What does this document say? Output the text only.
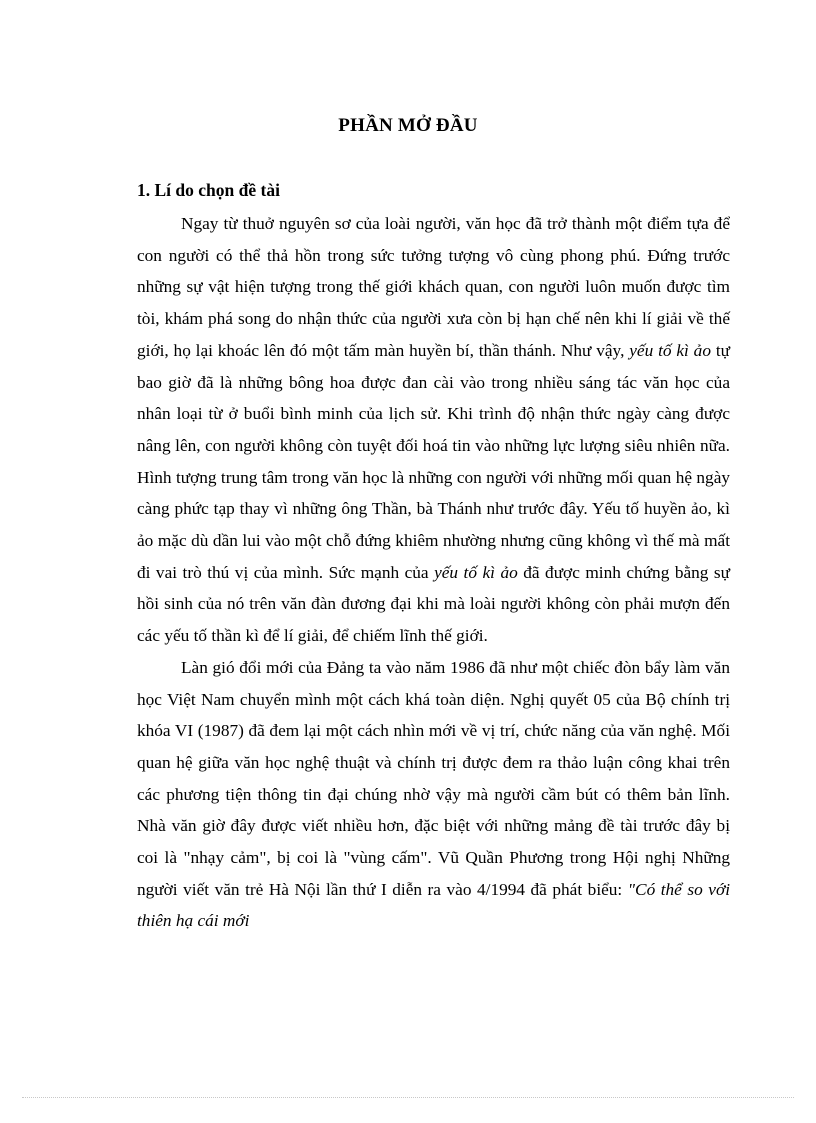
PHẦN MỞ ĐẦU
1. Lí do chọn đề tài

Ngay từ thuở nguyên sơ của loài người, văn học đã trở thành một điểm tựa để con người có thể thả hồn trong sức tưởng tượng vô cùng phong phú. Đứng trước những sự vật hiện tượng trong thế giới khách quan, con người luôn muốn được tìm tòi, khám phá song do nhận thức của người xưa còn bị hạn chế nên khi lí giải về thế giới, họ lại khoác lên đó một tấm màn huyền bí, thần thánh. Như vậy, yếu tố kì ảo tự bao giờ đã là những bông hoa được đan cài vào trong nhiều sáng tác văn học của nhân loại từ ở buổi bình minh của lịch sử. Khi trình độ nhận thức ngày càng được nâng lên, con người không còn tuyệt đối hoá tin vào những lực lượng siêu nhiên nữa. Hình tượng trung tâm trong văn học là những con người với những mối quan hệ ngày càng phức tạp thay vì những ông Thần, bà Thánh như trước đây. Yếu tố huyền ảo, kì ảo mặc dù dần lui vào một chỗ đứng khiêm nhường nhưng cũng không vì thế mà mất đi vai trò thú vị của mình. Sức mạnh của yếu tố kì ảo đã được minh chứng bằng sự hồi sinh của nó trên văn đàn đương đại khi mà loài người không còn phải mượn đến các yếu tố thần kì để lí giải, để chiếm lĩnh thế giới.

Làn gió đổi mới của Đảng ta vào năm 1986 đã như một chiếc đòn bẩy làm văn học Việt Nam chuyển mình một cách khá toàn diện. Nghị quyết 05 của Bộ chính trị khóa VI (1987) đã đem lại một cách nhìn mới về vị trí, chức năng của văn nghệ. Mối quan hệ giữa văn học nghệ thuật và chính trị được đem ra thảo luận công khai trên các phương tiện thông tin đại chúng nhờ vậy mà người cầm bút có thêm bản lĩnh. Nhà văn giờ đây được viết nhiều hơn, đặc biệt với những mảng đề tài trước đây bị coi là "nhạy cảm", bị coi là "vùng cấm". Vũ Quần Phương trong Hội nghị Những người viết văn trẻ Hà Nội lần thứ I diễn ra vào 4/1994 đã phát biểu: "Có thể so với thiên hạ cái mới
